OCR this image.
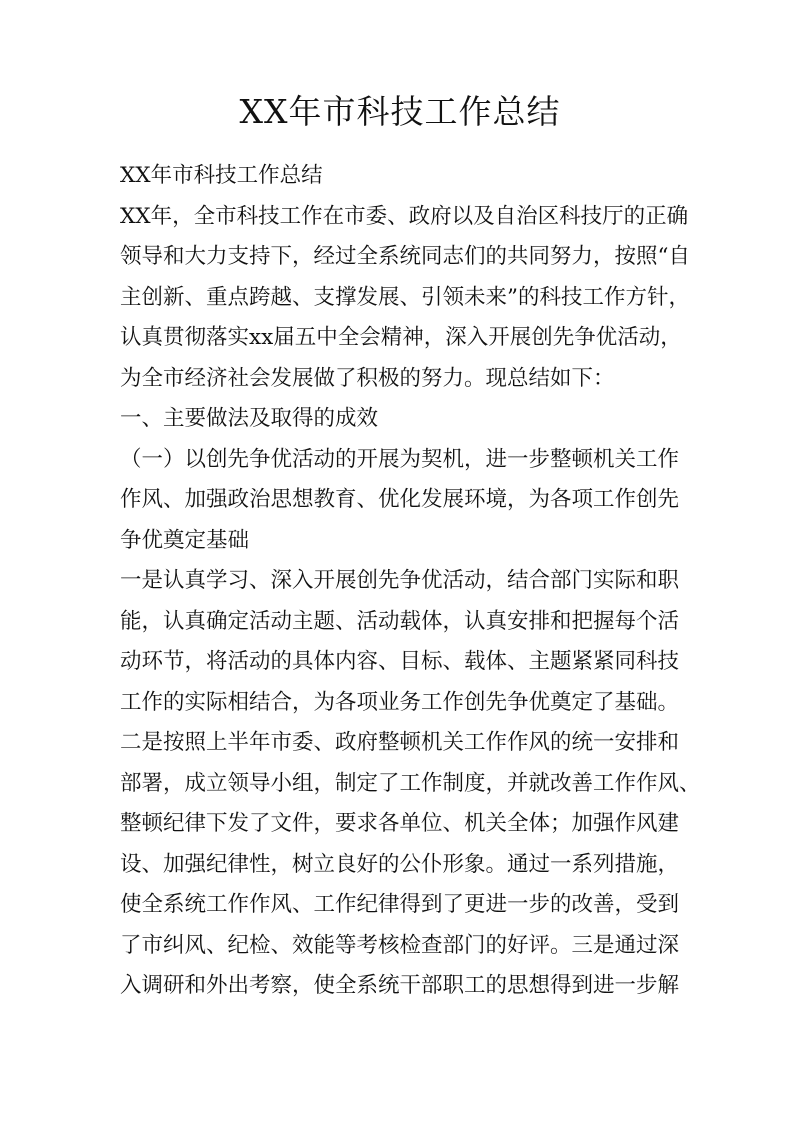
XX年市科技工作总结
XX年市科技工作总结
XX年，全市科技工作在市委、政府以及自治区科技厅的正确
领导和大力支持下，经过全系统同志们的共同努力，按照“自
主创新、重点跨越、支撑发展、引领未来”的科技工作方针，
认真贯彻落实xx届五中全会精神，深入开展创先争优活动，
为全市经济社会发展做了积极的努力。现总结如下：
一、主要做法及取得的成效
（一）以创先争优活动的开展为契机，进一步整顿机关工作
作风、加强政治思想教育、优化发展环境，为各项工作创先
争优奠定基础
一是认真学习、深入开展创先争优活动，结合部门实际和职
能，认真确定活动主题、活动载体，认真安排和把握每个活
动环节，将活动的具体内容、目标、载体、主题紧紧同科技
工作的实际相结合，为各项业务工作创先争优奠定了基础。
二是按照上半年市委、政府整顿机关工作作风的统一安排和
部署，成立领导小组，制定了工作制度，并就改善工作作风、
整顿纪律下发了文件，要求各单位、机关全体；加强作风建
设、加强纪律性，树立良好的公仆形象。通过一系列措施，
使全系统工作作风、工作纪律得到了更进一步的改善，受到
了市纠风、纪检、效能等考核检查部门的好评。三是通过深
入调研和外出考察，使全系统干部职工的思想得到进一步解
